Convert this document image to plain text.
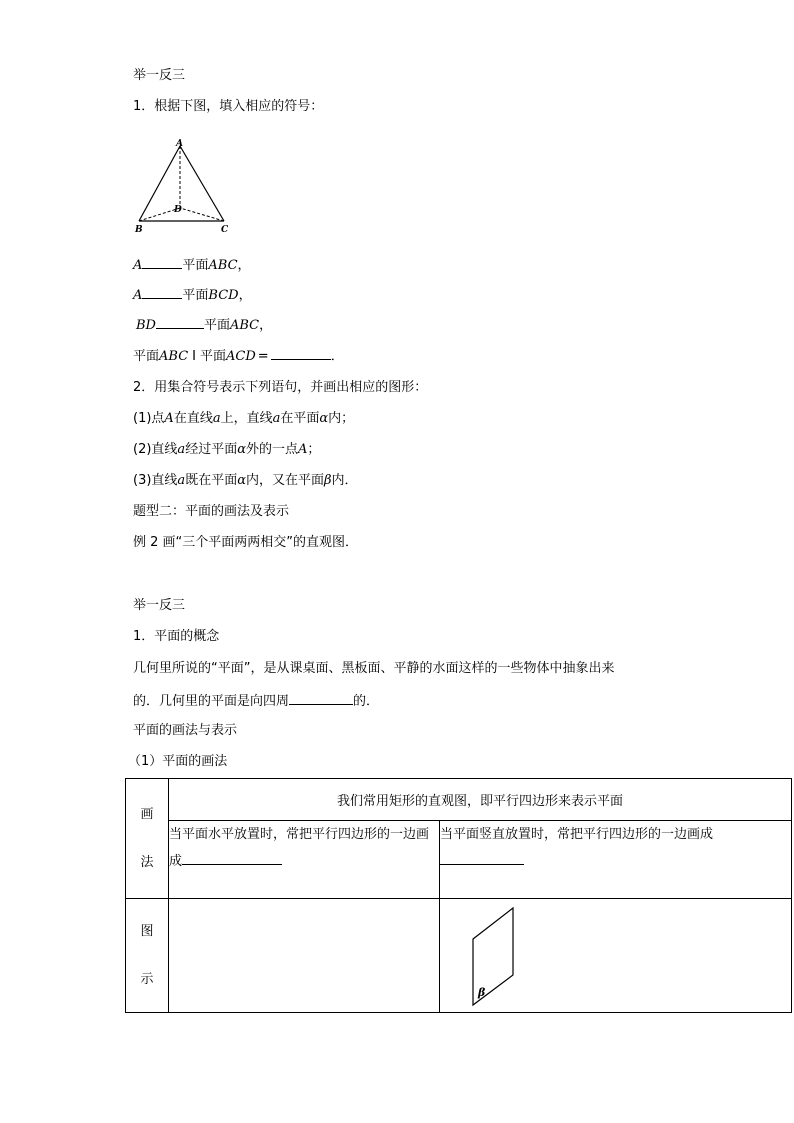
举一反三
1．根据下图，填入相应的符号：
A
B	C
D
A	平面ABC，
A	平面BCD，
BD	平面ABC，
平面ABC I 平面ACD =	．
2．用集合符号表示下列语句，并画出相应的图形：
(1)点A在直线a上，直线a在平面α内；
(2)直线a经过平面α外的一点A；
(3)直线a既在平面α内，又在平面β内．
题型二：平面的画法及表示
例 2 画“三个平面两两相交”的直观图．
举一反三
1．平面的概念
几何里所说的“平面”，是从课桌面、黑板面、平静的水面这样的一些物体中抽象出来
的．几何里的平面是向四周	的．
平面的画法与表示
（1）平面的画法
画
法	我们常用矩形的直观图，即平行四边形来表示平面	
	当平面水平放置时，常把平行四边形的一边画成	当平面竖直放置时，常把平行四边形的一边画成

图
示		β
